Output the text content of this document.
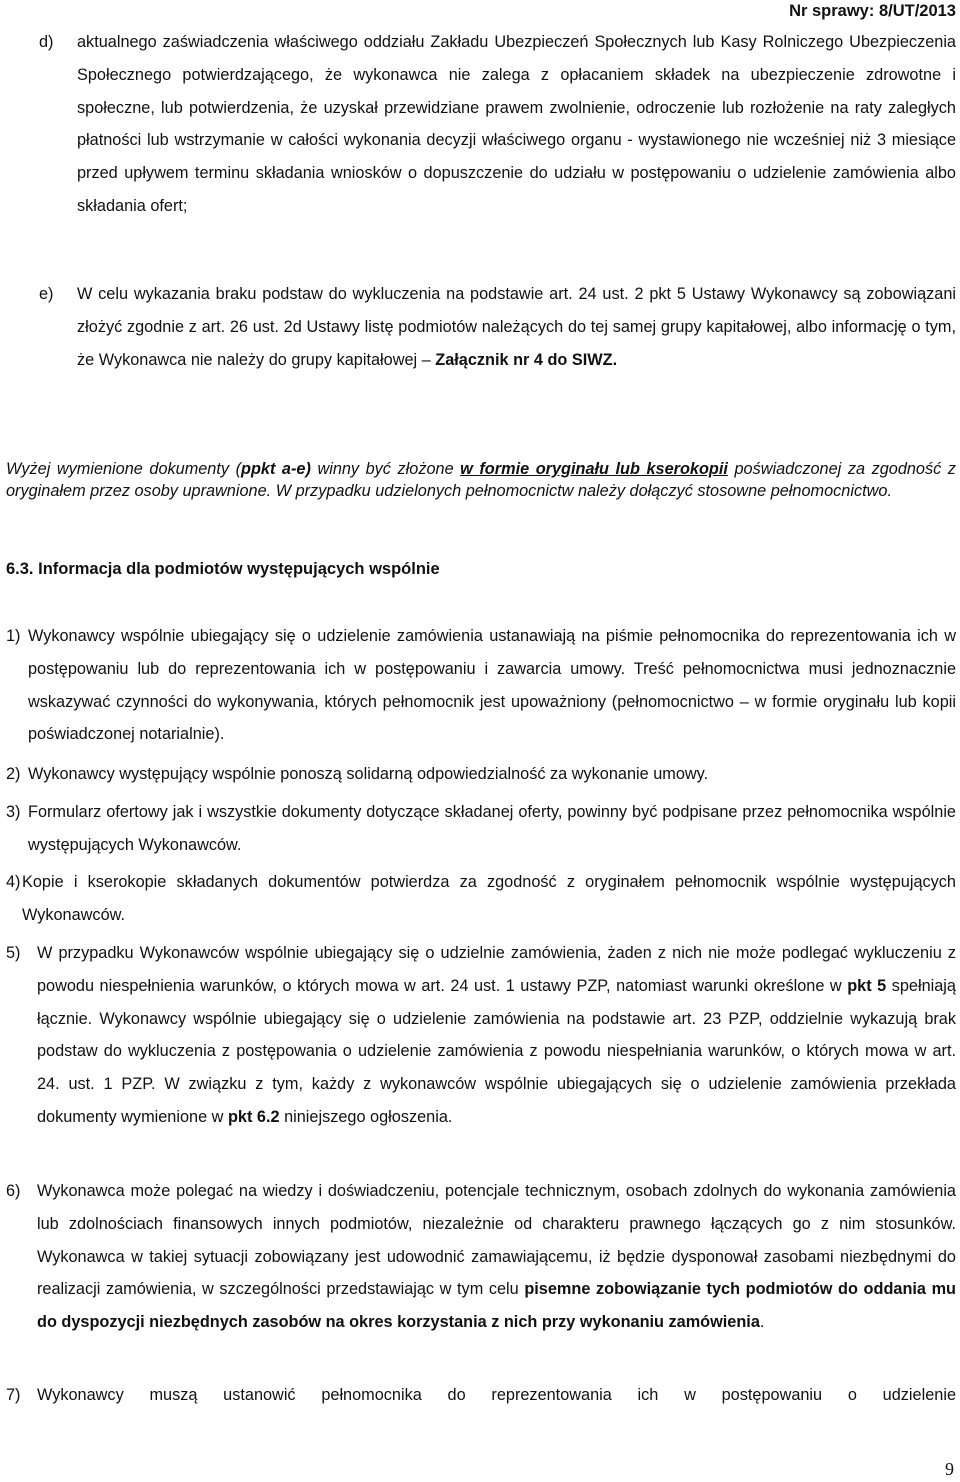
Nr sprawy: 8/UT/2013
d) aktualnego zaświadczenia właściwego oddziału Zakładu Ubezpieczeń Społecznych lub Kasy Rolniczego Ubezpieczenia Społecznego potwierdzającego, że wykonawca nie zalega z opłacaniem składek na ubezpieczenie zdrowotne i społeczne, lub potwierdzenia, że uzyskał przewidziane prawem zwolnienie, odroczenie lub rozłożenie na raty zaległych płatności lub wstrzymanie w całości wykonania decyzji właściwego organu - wystawionego nie wcześniej niż 3 miesiące przed upływem terminu składania wniosków o dopuszczenie do udziału w postępowaniu o udzielenie zamówienia albo składania ofert;
e) W celu wykazania braku podstaw do wykluczenia na podstawie art. 24 ust. 2 pkt 5 Ustawy Wykonawcy są zobowiązani złożyć zgodnie z art. 26 ust. 2d Ustawy listę podmiotów należących do tej samej grupy kapitałowej, albo informację o tym, że Wykonawca nie należy do grupy kapitałowej – Załącznik nr 4 do SIWZ.
Wyżej wymienione dokumenty (ppkt a-e) winny być złożone w formie oryginału lub kserokopii poświadczonej za zgodność z oryginałem przez osoby uprawnione. W przypadku udzielonych pełnomocnictw należy dołączyć stosowne pełnomocnictwo.
6.3. Informacja dla podmiotów występujących wspólnie
1) Wykonawcy wspólnie ubiegający się o udzielenie zamówienia ustanawiają na piśmie pełnomocnika do reprezentowania ich w postępowaniu lub do reprezentowania ich w postępowaniu i zawarcia umowy. Treść pełnomocnictwa musi jednoznacznie wskazywać czynności do wykonywania, których pełnomocnik jest upoważniony (pełnomocnictwo – w formie oryginału lub kopii poświadczonej notarialnie).
2) Wykonawcy występujący wspólnie ponoszą solidarną odpowiedzialność za wykonanie umowy.
3) Formularz ofertowy jak i wszystkie dokumenty dotyczące składanej oferty, powinny być podpisane przez pełnomocnika wspólnie występujących Wykonawców.
4) Kopie i kserokopie składanych dokumentów potwierdza za zgodność z oryginałem pełnomocnik wspólnie występujących Wykonawców.
5) W przypadku Wykonawców wspólnie ubiegający się o udzielnie zamówienia, żaden z nich nie może podlegać wykluczeniu z powodu niespełnienia warunków, o których mowa w art. 24 ust. 1 ustawy PZP, natomiast warunki określone w pkt 5 spełniają łącznie. Wykonawcy wspólnie ubiegający się o udzielenie zamówienia na podstawie art. 23 PZP, oddzielnie wykazują brak podstaw do wykluczenia z postępowania o udzielenie zamówienia z powodu niespełniania warunków, o których mowa w art. 24. ust. 1 PZP. W związku z tym, każdy z wykonawców wspólnie ubiegających się o udzielenie zamówienia przekłada dokumenty wymienione w pkt 6.2 niniejszego ogłoszenia.
6) Wykonawca może polegać na wiedzy i doświadczeniu, potencjale technicznym, osobach zdolnych do wykonania zamówienia lub zdolnościach finansowych innych podmiotów, niezależnie od charakteru prawnego łączących go z nim stosunków. Wykonawca w takiej sytuacji zobowiązany jest udowodnić zamawiającemu, iż będzie dysponował zasobami niezbędnymi do realizacji zamówienia, w szczególności przedstawiając w tym celu pisemne zobowiązanie tych podmiotów do oddania mu do dyspozycji niezbędnych zasobów na okres korzystania z nich przy wykonaniu zamówienia.
7) Wykonawcy muszą ustanowić pełnomocnika do reprezentowania ich w postępowaniu o udzielenie
9
